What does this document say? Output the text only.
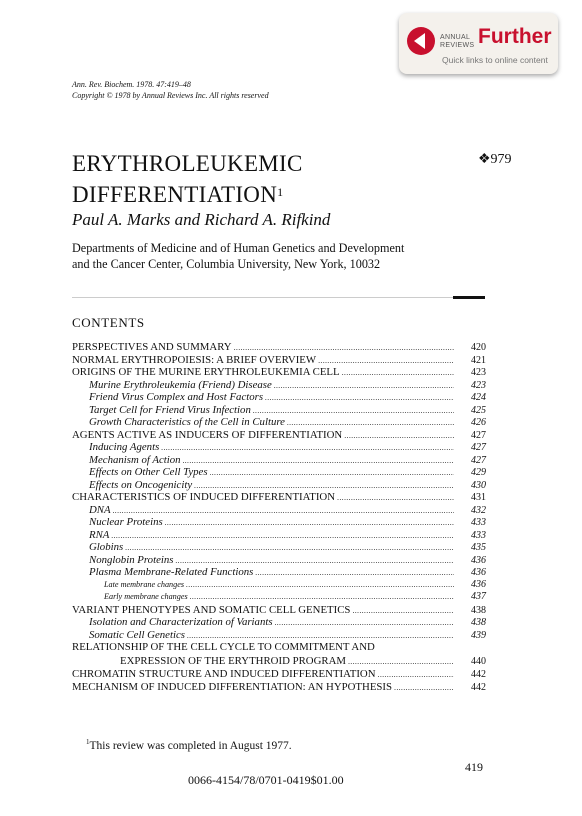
ANNUAL
REVIEWS Further
Quick links to online content
Ann. Rev. Biochem. 1978. 47:419–48
Copyright © 1978 by Annual Reviews Inc. All rights reserved
ERYTHROLEUKEMIC
DIFFERENTIATION$^1$
❖979
Paul A. Marks and Richard A. Rifkind
Departments of Medicine and of Human Genetics and Development
and the Cancer Center, Columbia University, New York, 10032
CONTENTS
PERSPECTIVES AND SUMMARY .....	420
NORMAL ERYTHROPOIESIS: A BRIEF OVERVIEW .....	421
ORIGINS OF THE MURINE ERYTHROLEUKEMIA CELL .....	423
Murine Erythroleukemia (Friend) Disease .....	423
Friend Virus Complex and Host Factors .....	424
Target Cell for Friend Virus Infection .....	425
Growth Characteristics of the Cell in Culture .....	426
AGENTS ACTIVE AS INDUCERS OF DIFFERENTIATION .....	427
Inducing Agents .....	427
Mechanism of Action .....	427
Effects on Other Cell Types .....	429
Effects on Oncogenicity .....	430
CHARACTERISTICS OF INDUCED DIFFERENTIATION .....	431
DNA .....	432
Nuclear Proteins .....	433
RNA .....	433
Globins .....	435
Nonglobin Proteins .....	436
Plasma Membrane-Related Functions .....	436
Late membrane changes .....	436
Early membrane changes .....	437
VARIANT PHENOTYPES AND SOMATIC CELL GENETICS .....	438
Isolation and Characterization of Variants .....	438
Somatic Cell Genetics .....	439
RELATIONSHIP OF THE CELL CYCLE TO COMMITMENT AND
EXPRESSION OF THE ERYTHROID PROGRAM .....	440
CHROMATIN STRUCTURE AND INDUCED DIFFERENTIATION .....	442
MECHANISM OF INDUCED DIFFERENTIATION: AN HYPOTHESIS .....	442
$^1$This review was completed in August 1977.
419
0066-4154/78/0701-0419$01.00
